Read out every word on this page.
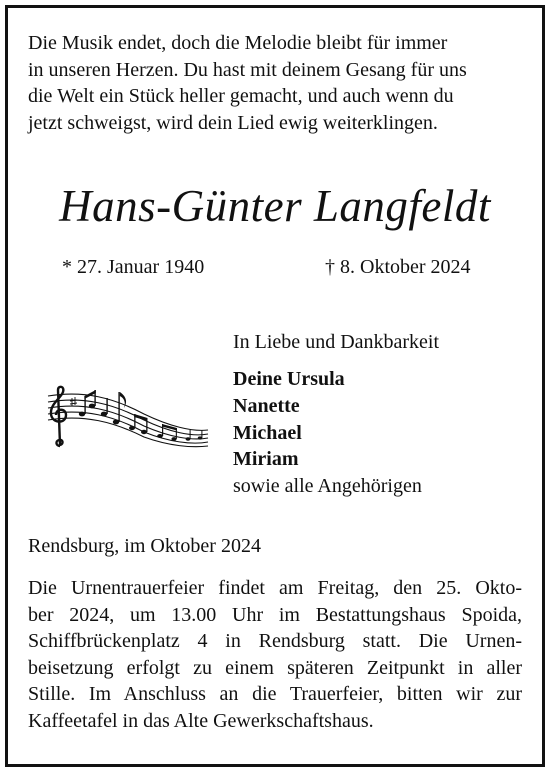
Die Musik endet, doch die Melodie bleibt für immer
in unseren Herzen. Du hast mit deinem Gesang für uns
die Welt ein Stück heller gemacht, und auch wenn du
jetzt schweigst, wird dein Lied ewig weiterklingen.

Hans-Günter Langfeldt
* 27. Januar 1940	† 8. Oktober 2024
In Liebe und Dankbarkeit
Deine Ursula
Nanette
Michael
Miriam
sowie alle Angehörigen
Rendsburg, im Oktober 2024

Die Urnentrauerfeier findet am Freitag, den 25. Okto-
ber 2024, um 13.00 Uhr im Bestattungshaus Spoida,
Schiffbrückenplatz 4 in Rendsburg statt. Die Urnen-
beisetzung erfolgt zu einem späteren Zeitpunkt in aller
Stille. Im Anschluss an die Trauerfeier, bitten wir zur
Kaffeetafel in das Alte Gewerkschaftshaus.
